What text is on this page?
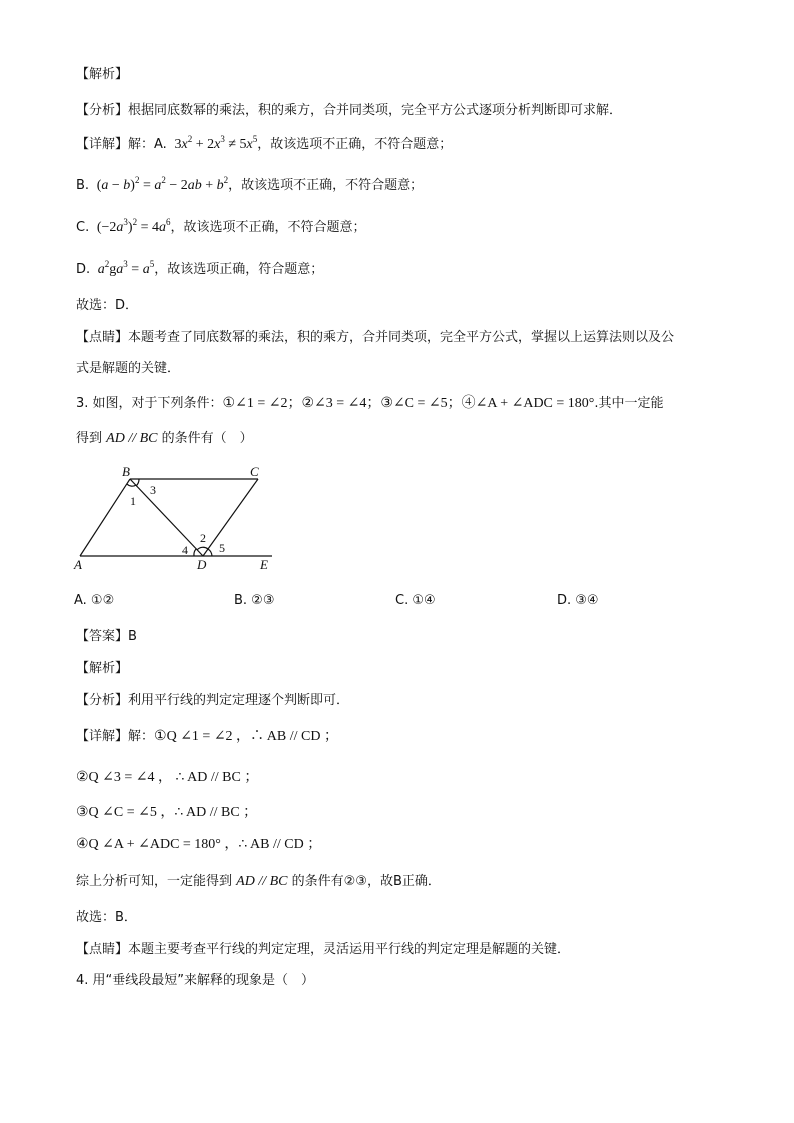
【解析】
【分析】根据同底数幂的乘法，积的乘方，合并同类项，完全平方公式逐项分析判断即可求解．
【详解】解：A.  $3x^2 + 2x^3 \ne 5x^5$，故该选项不正确，不符合题意；
B.  $(a - b)^2 = a^2 - 2ab + b^2$，故该选项不正确，不符合题意；
C.  $(-2a^3)^2 = 4a^6$，故该选项不正确，不符合题意；
D. $a^2ga^3 = a^5$，故该选项正确，符合题意；
故选：D．
【点睛】本题考查了同底数幂的乘法，积的乘方，合并同类项，完全平方公式，掌握以上运算法则以及公
式是解题的关键．
3. 如图，对于下列条件：①∠1 = ∠2；②∠3 = ∠4；③∠C = ∠5；④∠A + ∠ADC = 180°.其中一定能
得到 AD // BC 的条件有（　）
B	C
A	D	E
1
3
2
4	5
A. ①②	B. ②③	C. ①④	D. ③④
【答案】B
【解析】
【分析】利用平行线的判定定理逐个判断即可．
【详解】解：①Q ∠1 = ∠2 ，∴ AB // CD ；
②Q ∠3 = ∠4 ， ∴ AD // BC ；
③Q ∠C = ∠5 ，∴ AD // BC ；
④Q ∠A + ∠ADC = 180° ，∴ AB // CD ；
综上分析可知，一定能得到 AD // BC 的条件有②③，故B正确．
故选：B．
【点睛】本题主要考查平行线的判定定理，灵活运用平行线的判定定理是解题的关键．
4. 用“垂线段最短”来解释的现象是（　）
